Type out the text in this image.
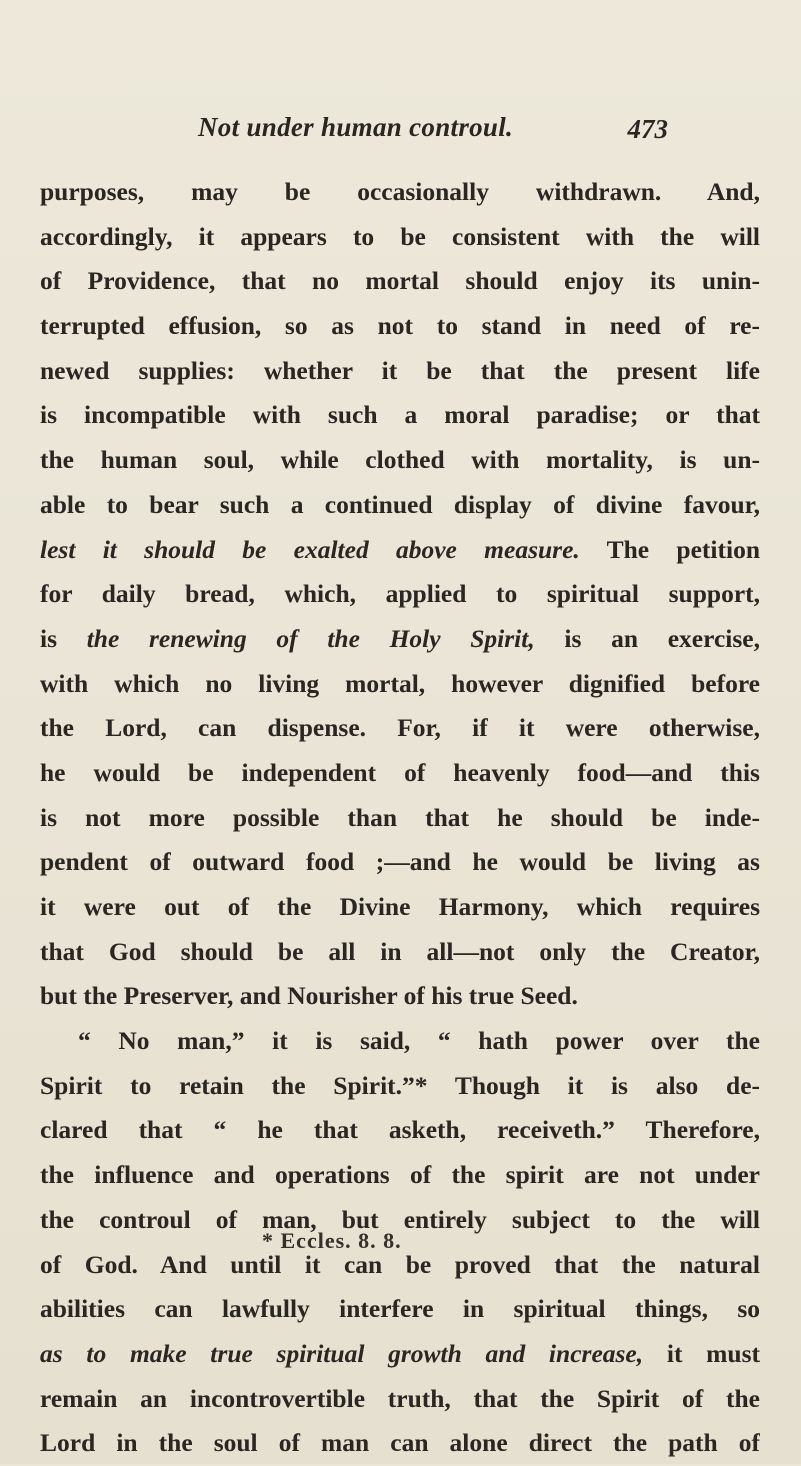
Not under human controul.	473
purposes, may be occasionally withdrawn. And,
accordingly, it appears to be consistent with the will
of Providence, that no mortal should enjoy its unin-
terrupted effusion, so as not to stand in need of re-
newed supplies: whether it be that the present life
is incompatible with such a moral paradise; or that
the human soul, while clothed with mortality, is un-
able to bear such a continued display of divine favour,
lest it should be exalted above measure. The petition
for daily bread, which, applied to spiritual support,
is the renewing of the Holy Spirit, is an exercise,
with which no living mortal, however dignified before
the Lord, can dispense. For, if it were otherwise,
he would be independent of heavenly food—and this
is not more possible than that he should be inde-
pendent of outward food ;—and he would be living as
it were out of the Divine Harmony, which requires
that God should be all in all—not only the Creator,
but the Preserver, and Nourisher of his true Seed.
“ No man,” it is said, “ hath power over the
Spirit to retain the Spirit.”* Though it is also de-
clared that “ he that asketh, receiveth.” Therefore,
the influence and operations of the spirit are not under
the controul of man, but entirely subject to the will
of God. And until it can be proved that the natural
abilities can lawfully interfere in spiritual things, so
as to make true spiritual growth and increase, it must
remain an incontrovertible truth, that the Spirit of the
Lord in the soul of man can alone direct the path of
* Eccles. 8. 8.
